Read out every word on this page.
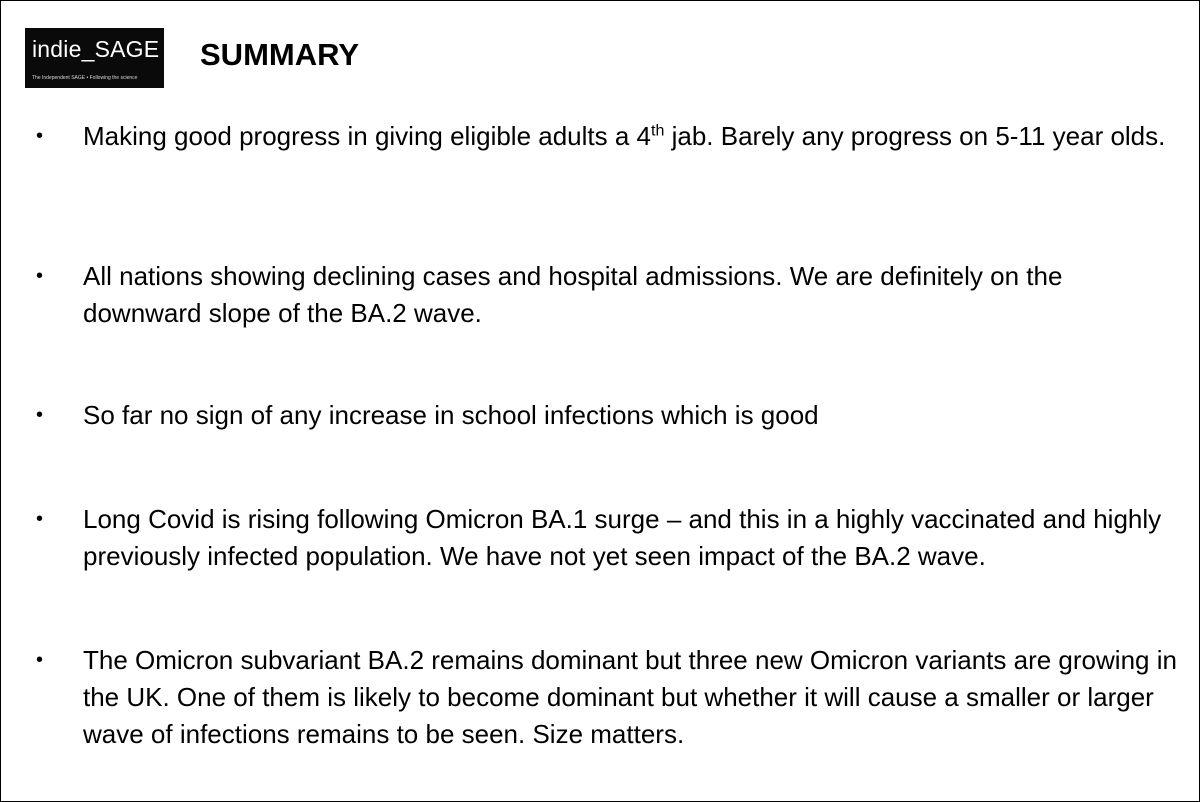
indie_SAGE
The Independent SAGE • Following the science
SUMMARY
• Making good progress in giving eligible adults a 4th jab. Barely any progress on 5-11 year olds.
• All nations showing declining cases and hospital admissions. We are definitely on the downward slope of the BA.2 wave.
• So far no sign of any increase in school infections which is good
• Long Covid is rising following Omicron BA.1 surge – and this in a highly vaccinated and highly previously infected population. We have not yet seen impact of the BA.2 wave.
• The Omicron subvariant BA.2 remains dominant but three new Omicron variants are growing in the UK. One of them is likely to become dominant but whether it will cause a smaller or larger wave of infections remains to be seen. Size matters.
